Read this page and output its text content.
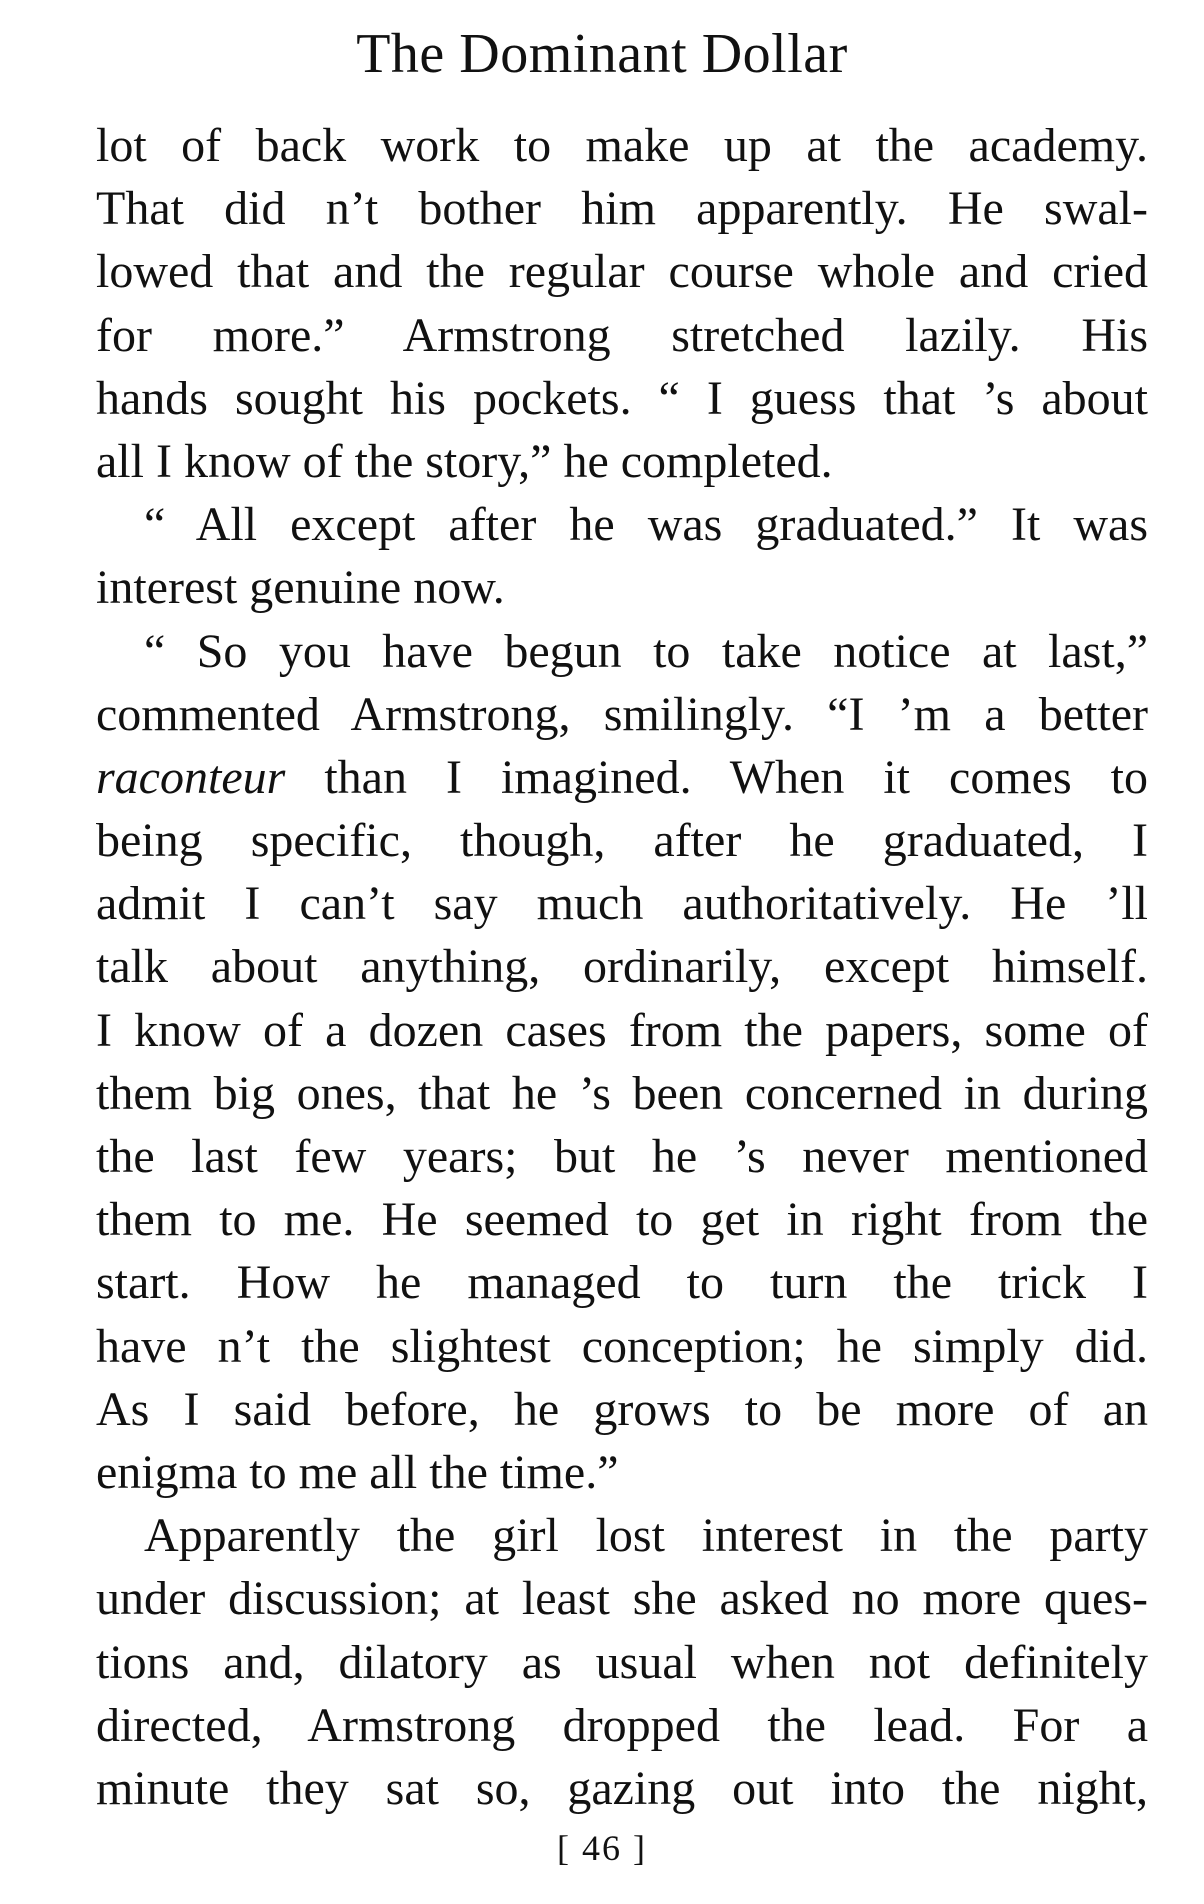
The Dominant Dollar
lot of back work to make up at the academy.
That did n’t bother him apparently. He swal-
lowed that and the regular course whole and cried
for more.” Armstrong stretched lazily. His
hands sought his pockets. “ I guess that ’s about
all I know of the story,” he completed.
“ All except after he was graduated.” It was
interest genuine now.
“ So you have begun to take notice at last,”
commented Armstrong, smilingly. “I ’m a better
raconteur than I imagined. When it comes to
being specific, though, after he graduated, I
admit I can’t say much authoritatively. He ’ll
talk about anything, ordinarily, except himself.
I know of a dozen cases from the papers, some of
them big ones, that he ’s been concerned in during
the last few years; but he ’s never mentioned
them to me. He seemed to get in right from the
start. How he managed to turn the trick I
have n’t the slightest conception; he simply did.
As I said before, he grows to be more of an
enigma to me all the time.”
Apparently the girl lost interest in the party
under discussion; at least she asked no more ques-
tions and, dilatory as usual when not definitely
directed, Armstrong dropped the lead. For a
minute they sat so, gazing out into the night,
[ 46 ]
